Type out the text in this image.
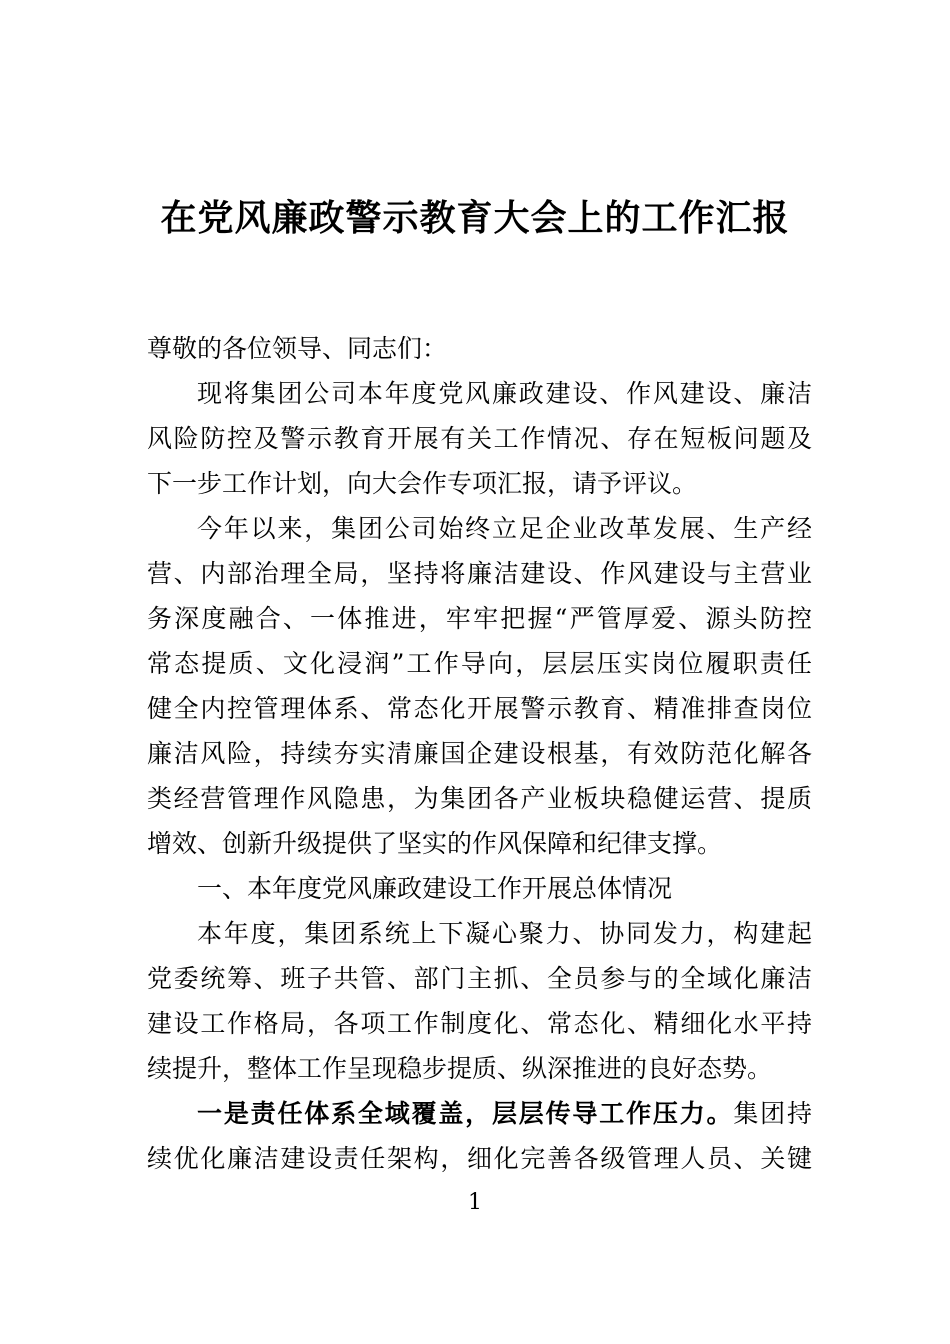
在党风廉政警示教育大会上的工作汇报
尊敬的各位领导、同志们：
现将集团公司本年度党风廉政建设、作风建设、廉洁
风险防控及警示教育开展有关工作情况、存在短板问题及
下一步工作计划，向大会作专项汇报，请予评议。
今年以来，集团公司始终立足企业改革发展、生产经
营、内部治理全局，坚持将廉洁建设、作风建设与主营业
务深度融合、一体推进，牢牢把握“严管厚爱、源头防控
常态提质、文化浸润”工作导向，层层压实岗位履职责任
健全内控管理体系、常态化开展警示教育、精准排查岗位
廉洁风险，持续夯实清廉国企建设根基，有效防范化解各
类经营管理作风隐患，为集团各产业板块稳健运营、提质
增效、创新升级提供了坚实的作风保障和纪律支撑。
一、本年度党风廉政建设工作开展总体情况
本年度，集团系统上下凝心聚力、协同发力，构建起
党委统筹、班子共管、部门主抓、全员参与的全域化廉洁
建设工作格局，各项工作制度化、常态化、精细化水平持
续提升，整体工作呈现稳步提质、纵深推进的良好态势。
一是责任体系全域覆盖，层层传导工作压力。集团持
续优化廉洁建设责任架构，细化完善各级管理人员、关键
1
